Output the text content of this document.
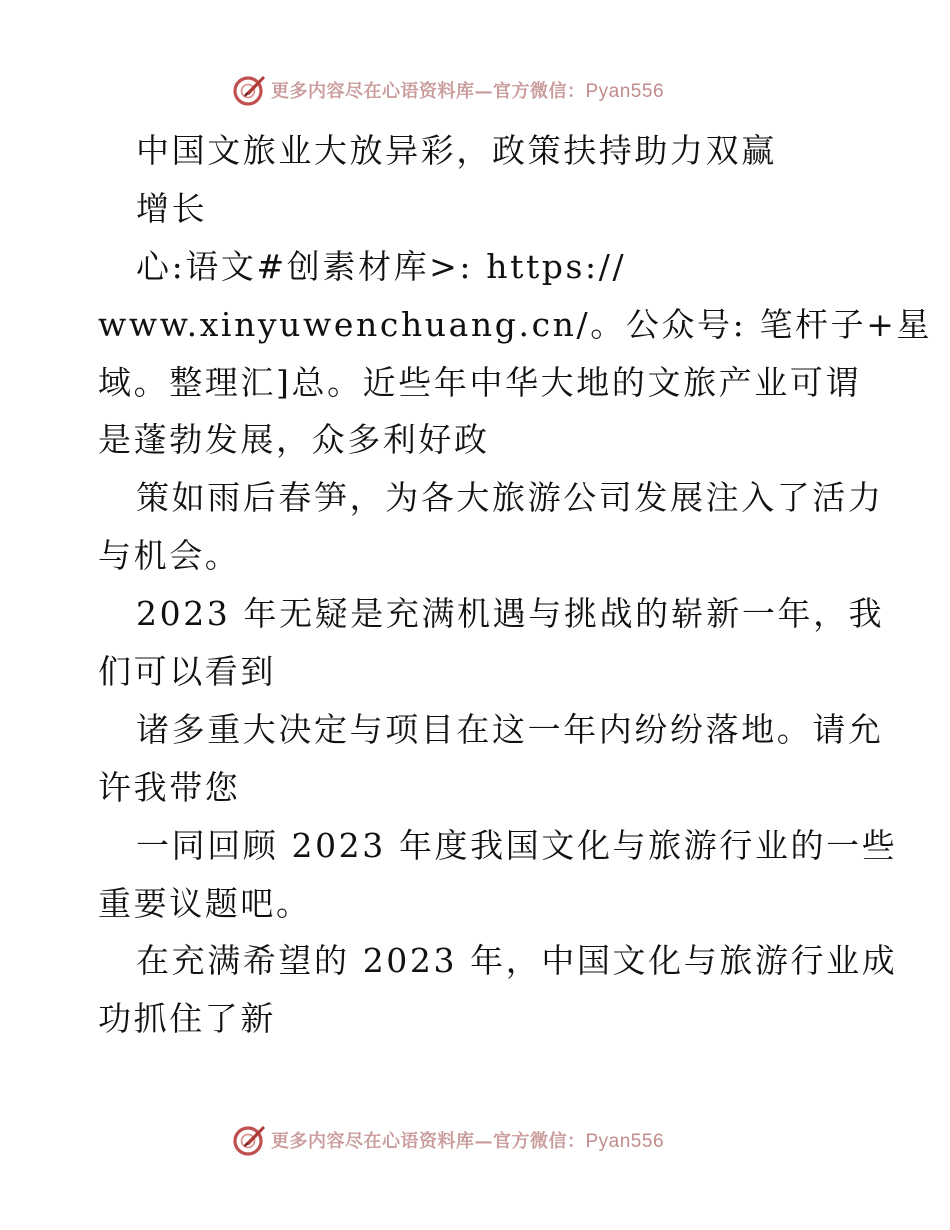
更多内容尽在心语资料库—官方微信：Pyan556
中国文旅业大放异彩，政策扶持助力双赢
增长
心:语文#创素材库>: https://
www.xinyuwenchuang.cn/。公众号: 笔杆子+星
域。整理汇]总。近些年中华大地的文旅产业可谓
是蓬勃发展，众多利好政
策如雨后春笋，为各大旅游公司发展注入了活力
与机会。
2023 年无疑是充满机遇与挑战的崭新一年，我
们可以看到
诸多重大决定与项目在这一年内纷纷落地。请允
许我带您
一同回顾 2023 年度我国文化与旅游行业的一些
重要议题吧。
在充满希望的 2023 年，中国文化与旅游行业成
功抓住了新
更多内容尽在心语资料库—官方微信：Pyan556
